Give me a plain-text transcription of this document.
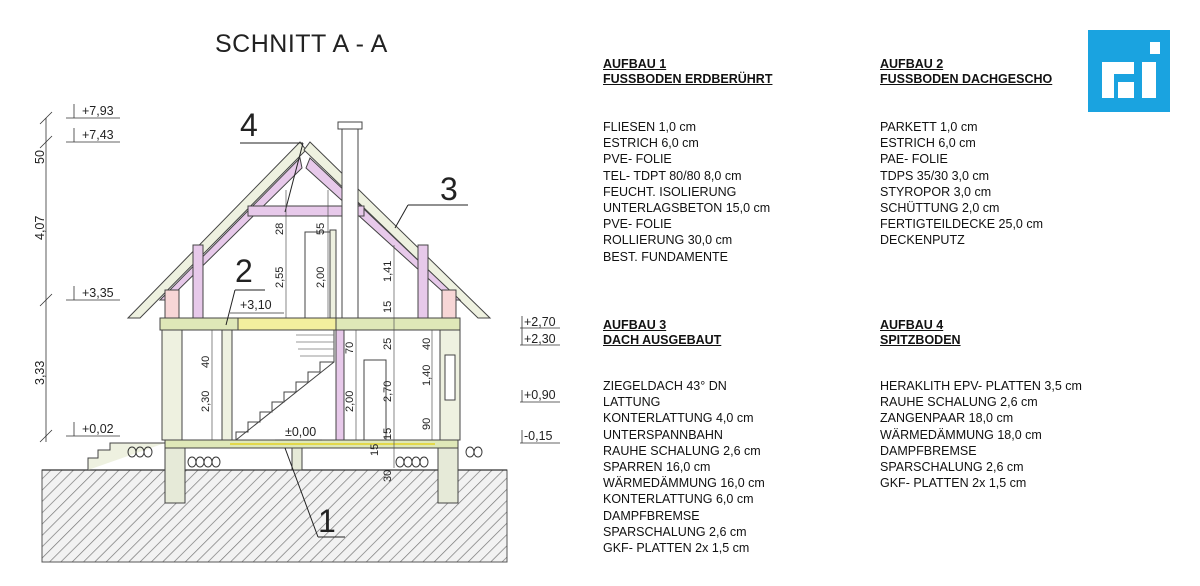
SCHNITT A - A
4
2
3
1
+7,93
+7,43
+3,35
+0,02
50
4,07
3,33
+2,70
+2,30
+0,90
-0,15
+3,10
±0,00
28	55
2,55	2,00	1,41
15
70 25 40
40
2,30	2,00 2,70
1,40
90
15
15
30
AUFBAU 1
FUSSBODEN ERDBERÜHRT
FLIESEN 1,0 cm
ESTRICH 6,0 cm
PVE- FOLIE
TEL- TDPT 80/80 8,0 cm
FEUCHT. ISOLIERUNG
UNTERLAGSBETON 15,0 cm
PVE- FOLIE
ROLLIERUNG 30,0 cm
BEST. FUNDAMENTE
AUFBAU 2
FUSSBODEN DACHGESCHO
PARKETT 1,0 cm
ESTRICH 6,0 cm
PAE- FOLIE
TDPS 35/30 3,0 cm
STYROPOR 3,0 cm
SCHÜTTUNG 2,0 cm
FERTIGTEILDECKE 25,0 cm
DECKENPUTZ
AUFBAU 3
DACH AUSGEBAUT
ZIEGELDACH 43° DN
LATTUNG
KONTERLATTUNG 4,0 cm
UNTERSPANNBAHN
RAUHE SCHALUNG 2,6 cm
SPARREN 16,0 cm
WÄRMEDÄMMUNG 16,0 cm
KONTERLATTUNG 6,0 cm
DAMPFBREMSE
SPARSCHALUNG 2,6 cm
GKF- PLATTEN 2x 1,5 cm
AUFBAU 4
SPITZBODEN
HERAKLITH EPV- PLATTEN 3,5 cm
RAUHE SCHALUNG 2,6 cm
ZANGENPAAR 18,0 cm
WÄRMEDÄMMUNG 18,0 cm
DAMPFBREMSE
SPARSCHALUNG 2,6 cm
GKF- PLATTEN 2x 1,5 cm
